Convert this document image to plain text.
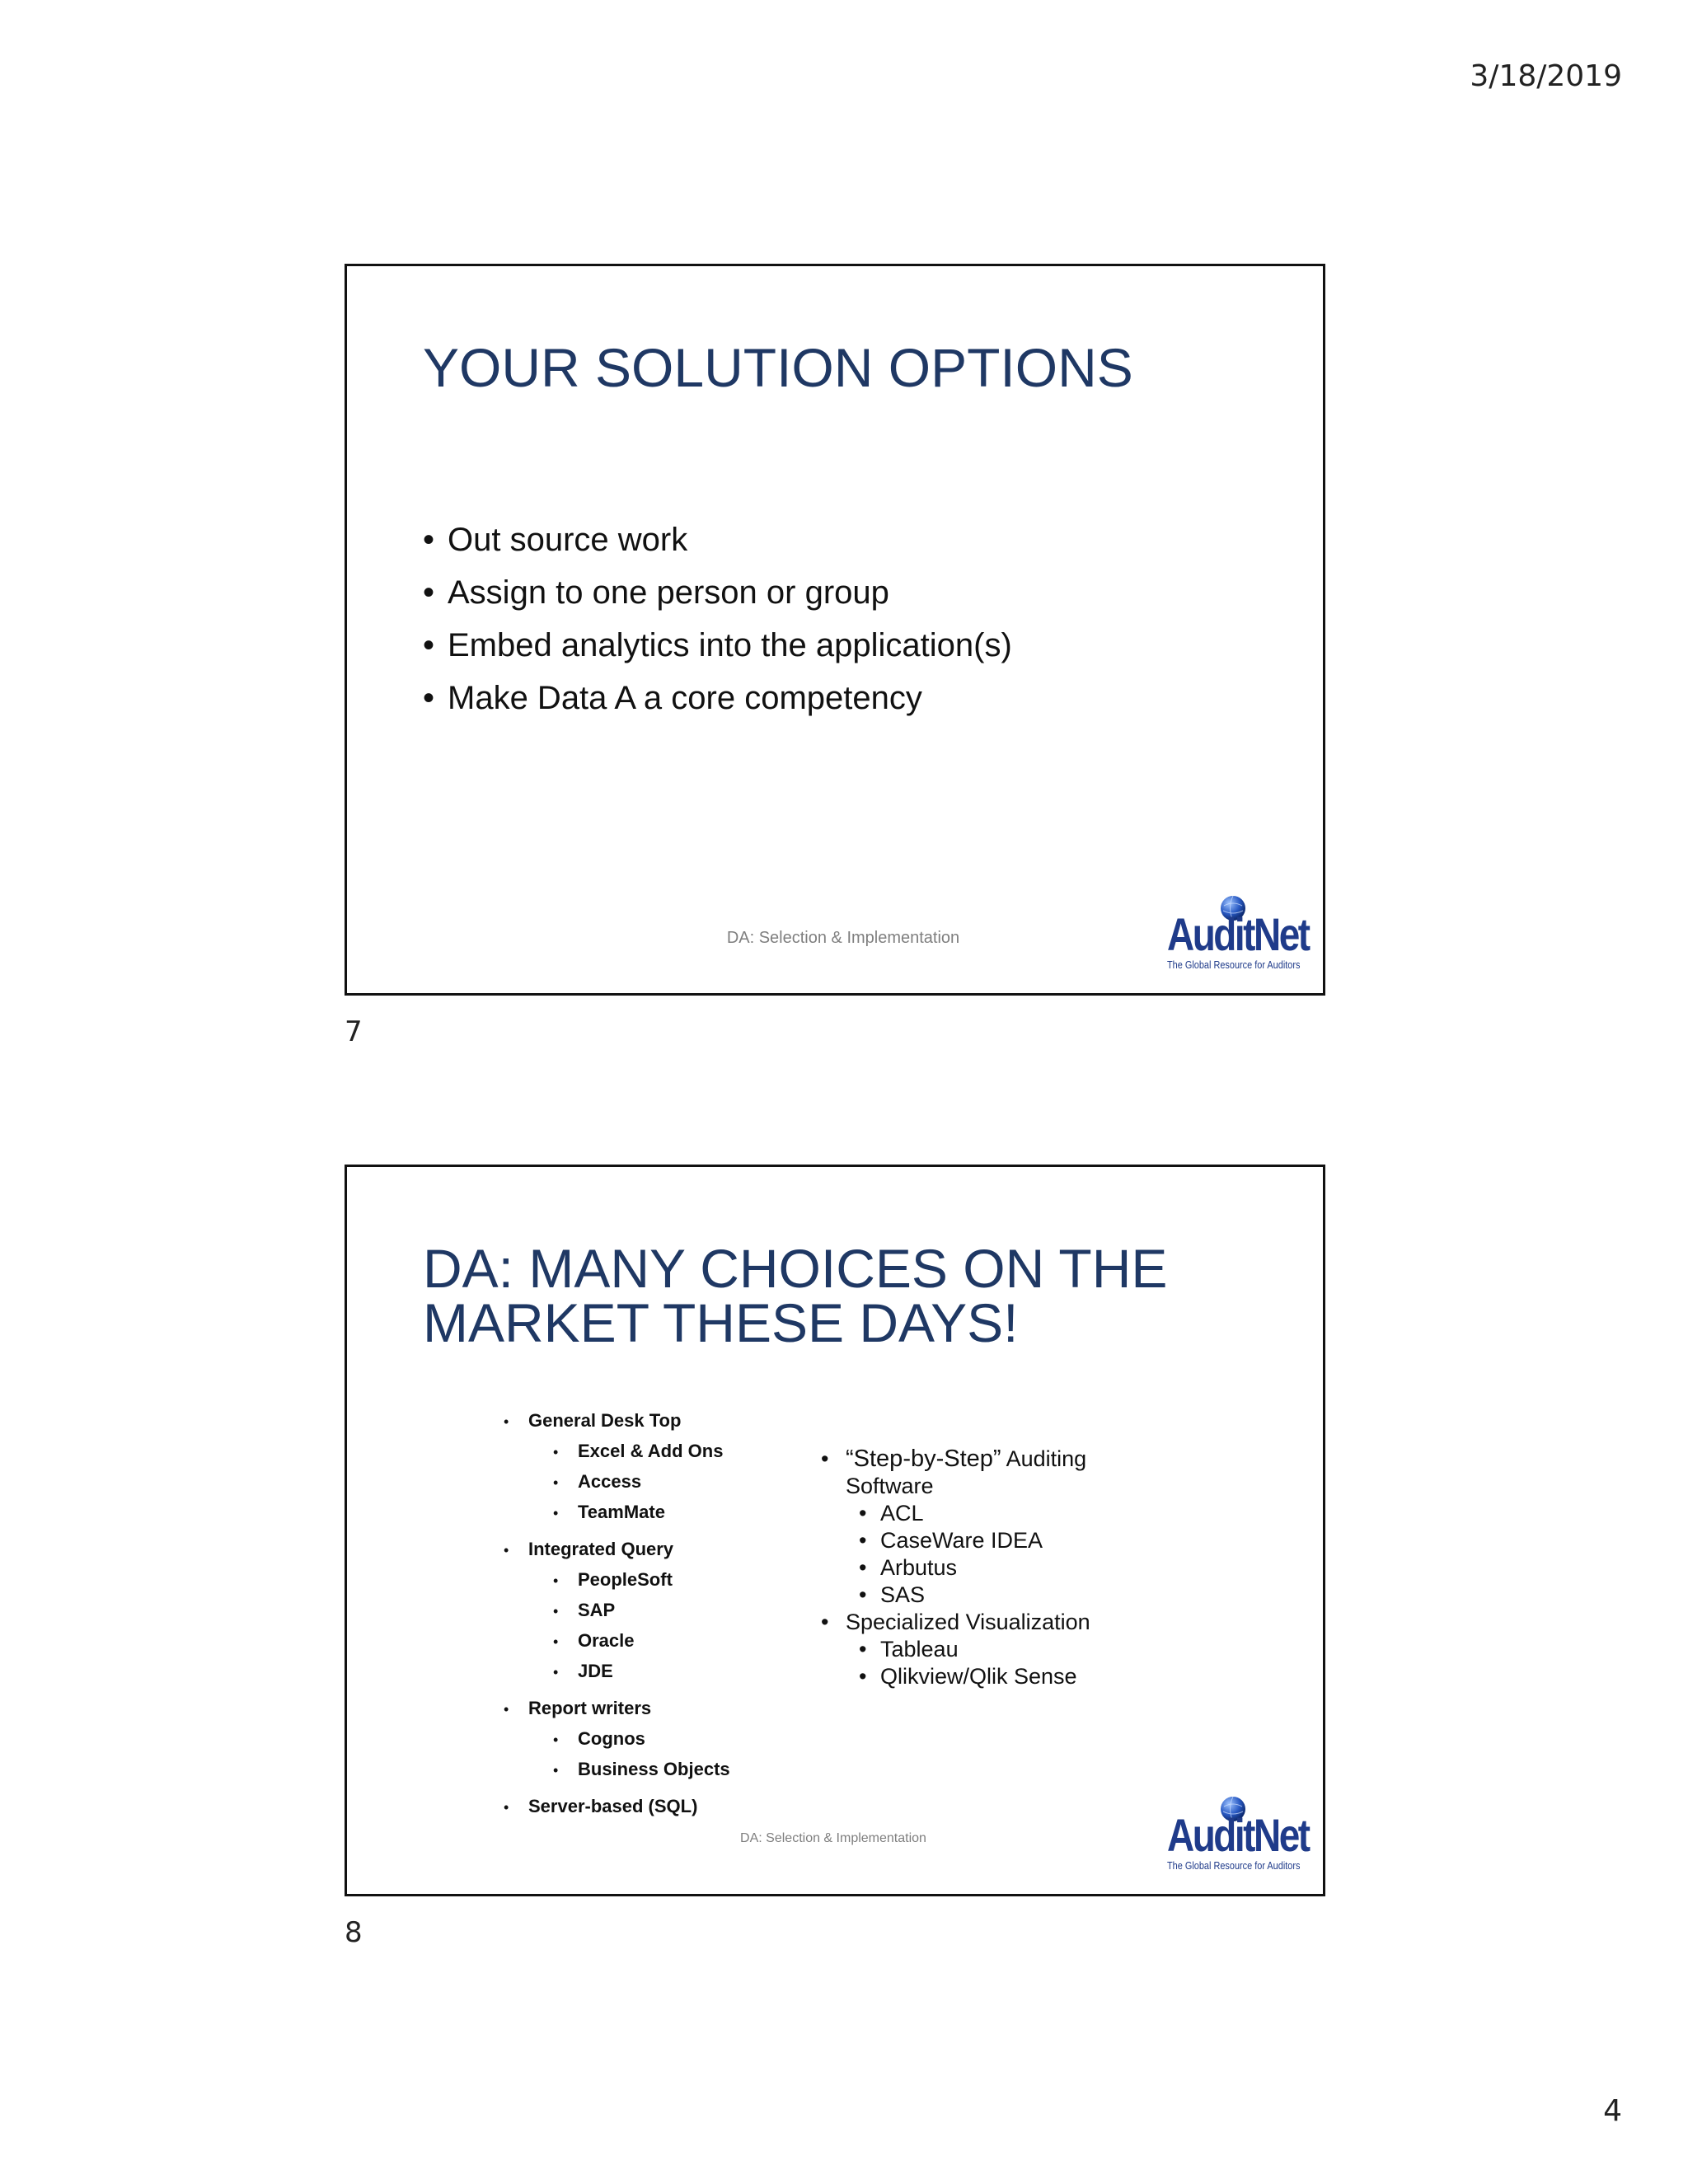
3/18/2019
YOUR SOLUTION OPTIONS
• Out source work
• Assign to one person or group
• Embed analytics into the application(s)
• Make Data A a core competency
DA: Selection & Implementation	AuditNet
The Global Resource for Auditors
7
DA: MANY CHOICES ON THE
MARKET THESE DAYS!
• General Desk Top
• Excel & Add Ons
• Access
• TeamMate
• Integrated Query
• PeopleSoft
• SAP
• Oracle
• JDE
• Report writers
• Cognos
• Business Objects
• Server-based (SQL)
• “Step-by-Step” Auditing
Software
• ACL
• CaseWare IDEA
• Arbutus
• SAS
• Specialized Visualization
• Tableau
• Qlikview/Qlik Sense
DA: Selection & Implementation	AuditNet
The Global Resource for Auditors
8
4
